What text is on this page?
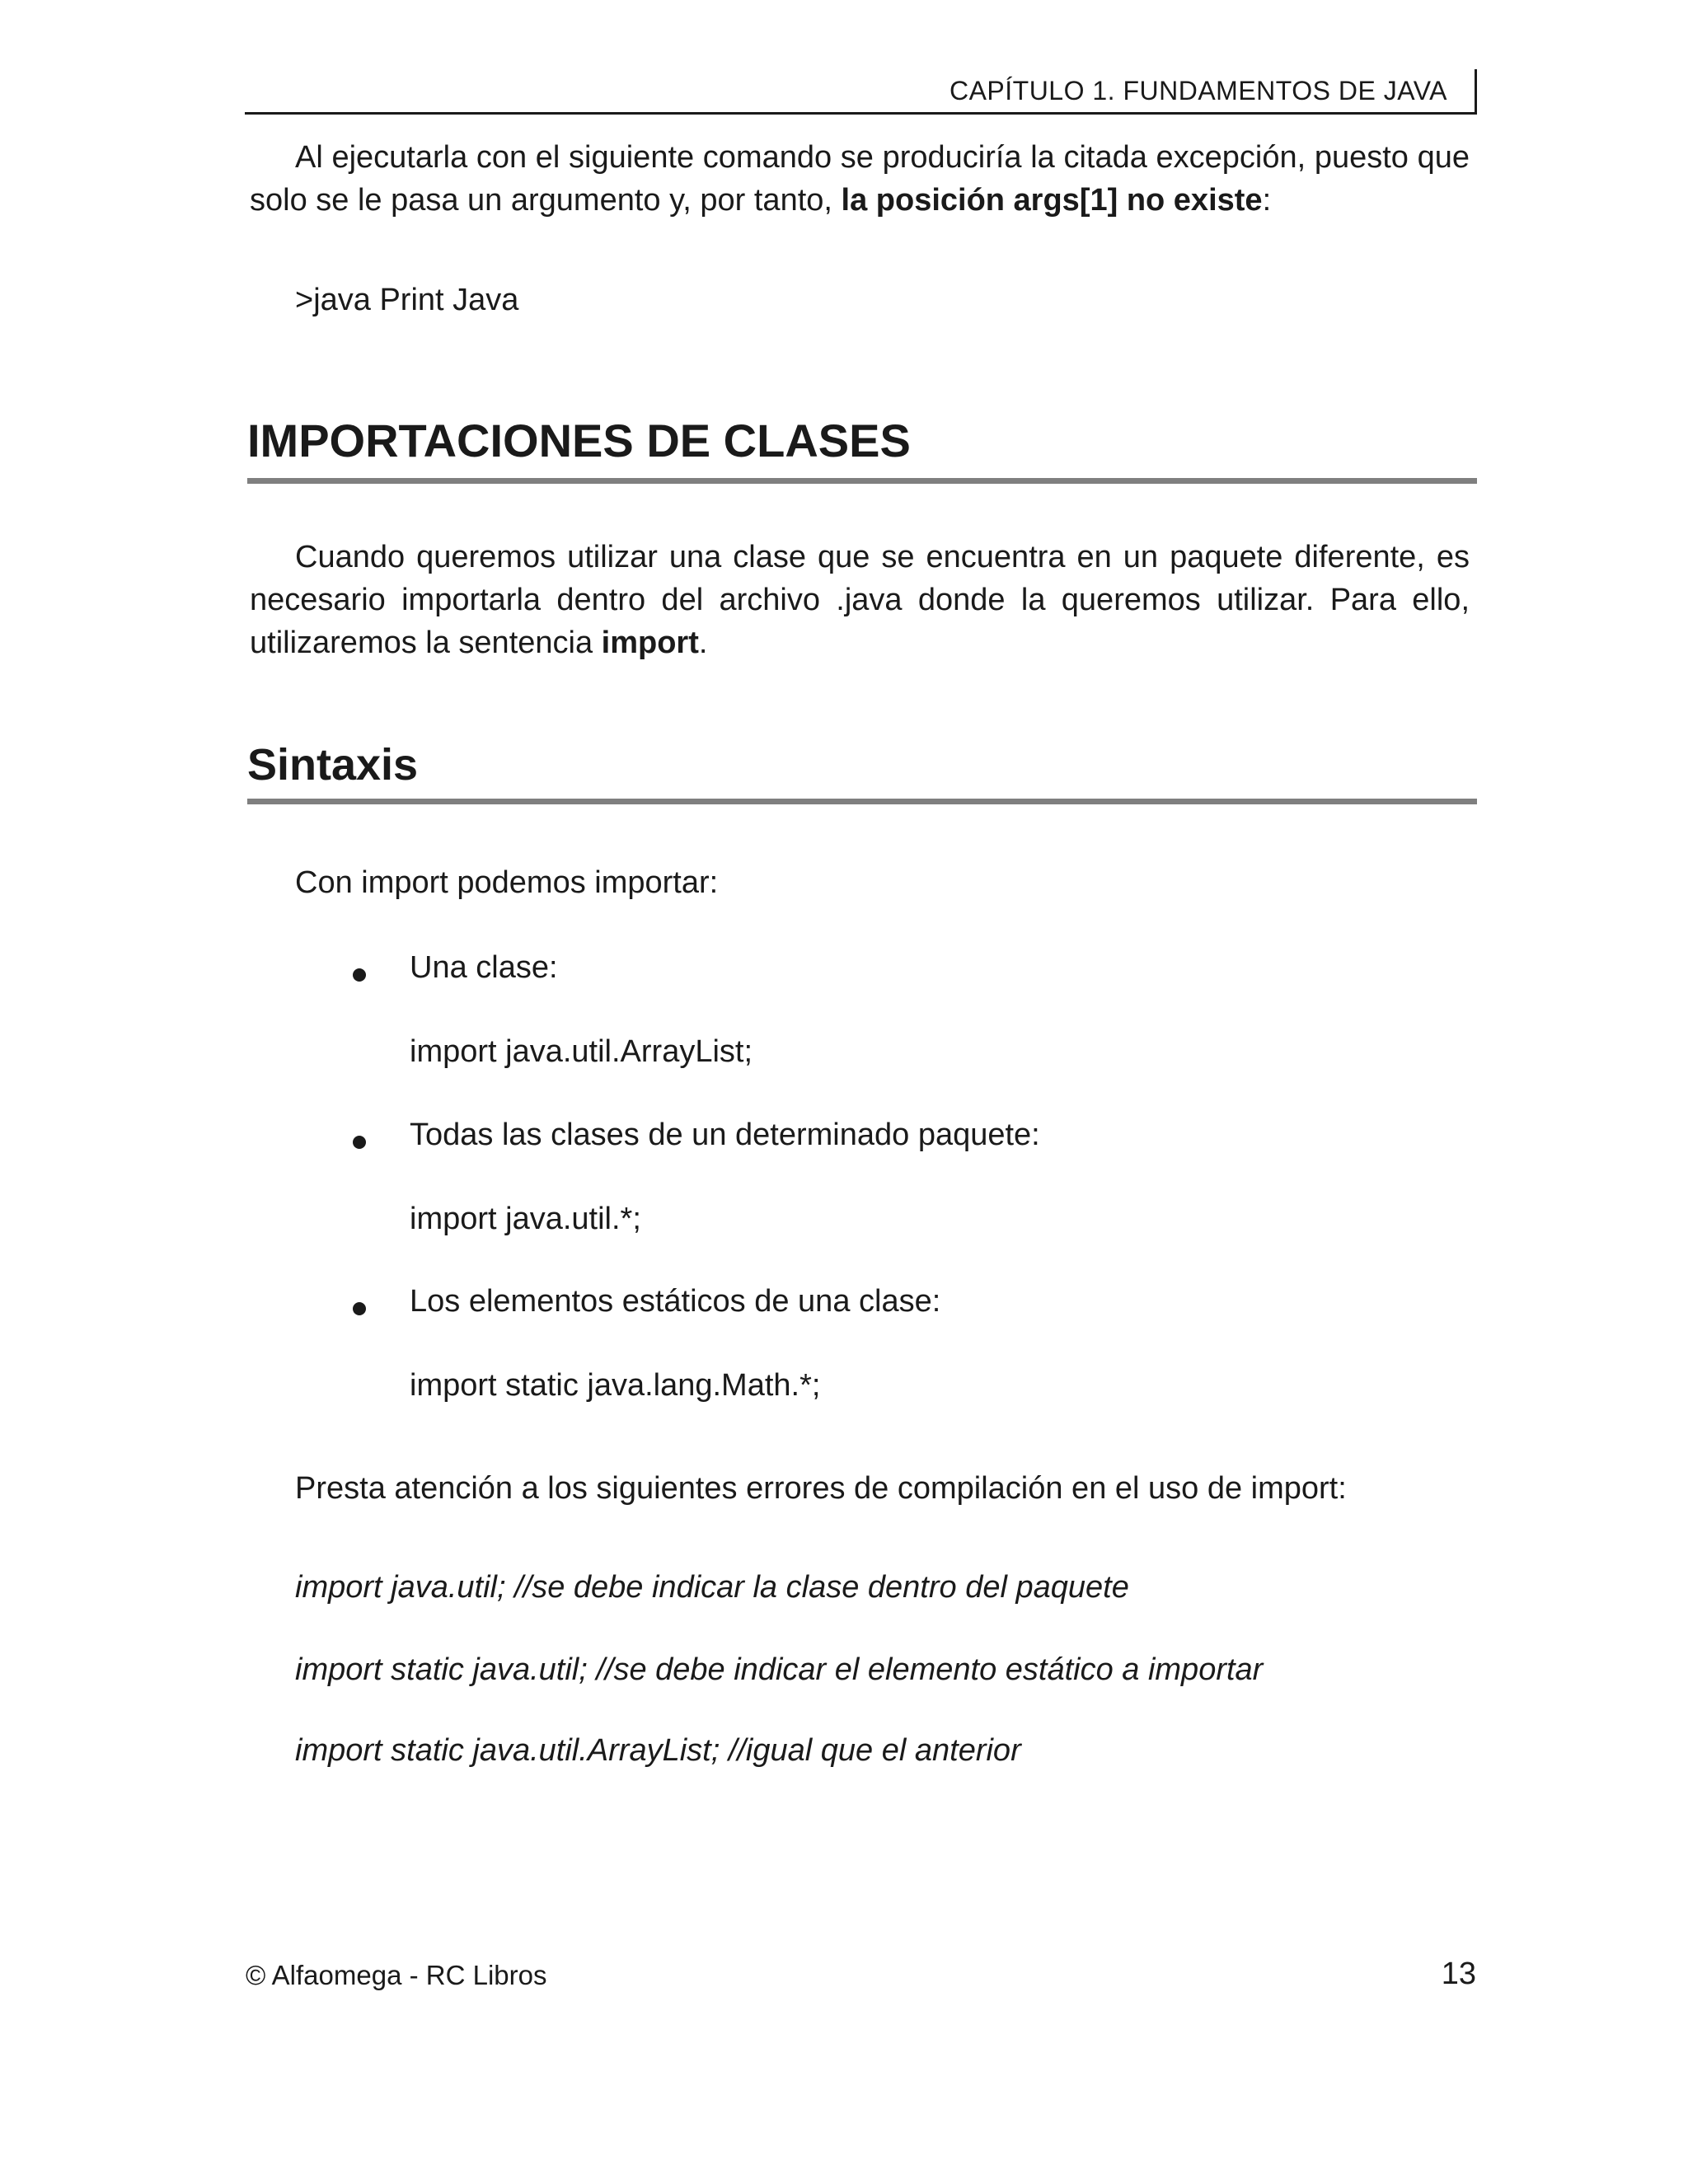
CAPÍTULO 1. FUNDAMENTOS DE JAVA

Al ejecutarla con el siguiente comando se produciría la citada excepción, puesto que solo se le pasa un argumento y, por tanto, la posición args[1] no existe:

>java Print Java
IMPORTACIONES DE CLASES

Cuando queremos utilizar una clase que se encuentra en un paquete diferente, es necesario importarla dentro del archivo .java donde la queremos utilizar. Para ello, utilizaremos la sentencia import.

Sintaxis
Con import podemos importar:
Una clase:
import java.util.ArrayList;
Todas las clases de un determinado paquete:
import java.util.*;
Los elementos estáticos de una clase:
import static java.lang.Math.*;
Presta atención a los siguientes errores de compilación en el uso de import:
import java.util; //se debe indicar la clase dentro del paquete
import static java.util; //se debe indicar el elemento estático a importar
import static java.util.ArrayList; //igual que el anterior
© Alfaomega - RC Libros	13
